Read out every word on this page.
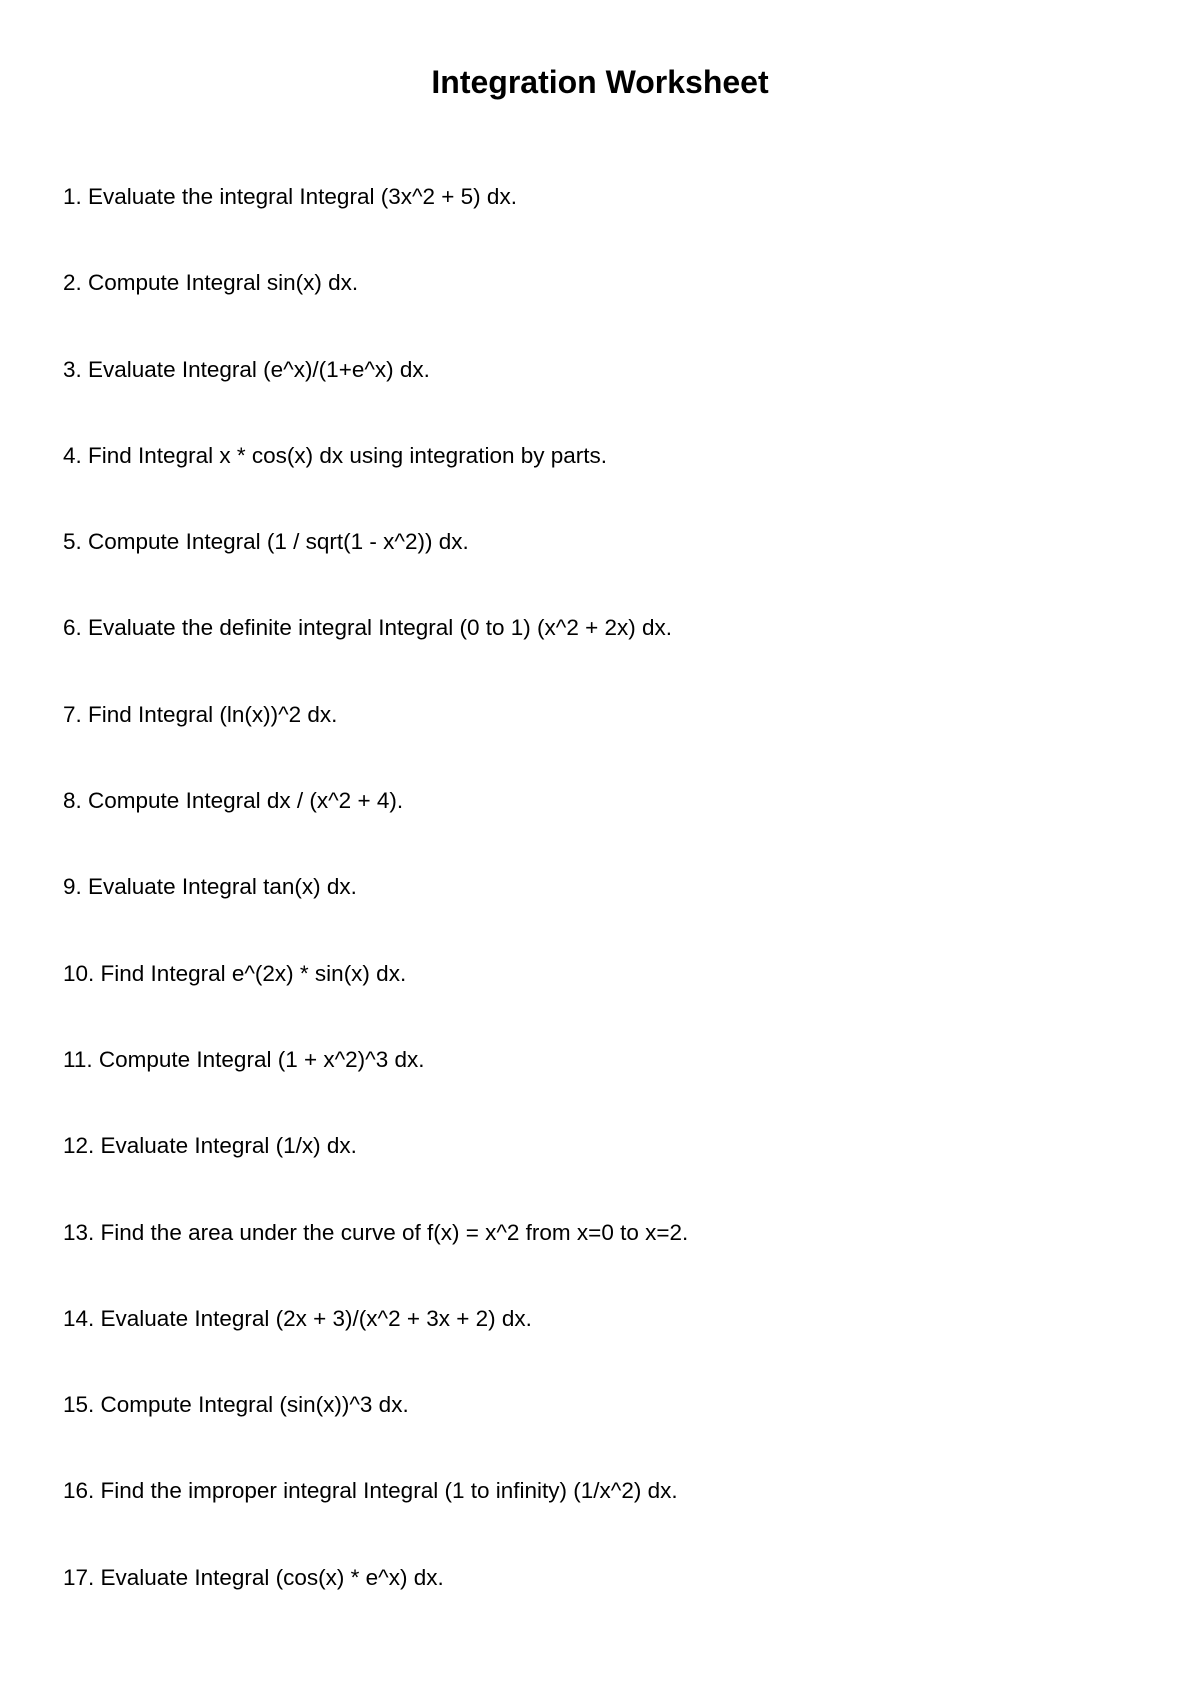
Integration Worksheet
1. Evaluate the integral Integral (3x^2 + 5) dx.
2. Compute Integral sin(x) dx.
3. Evaluate Integral (e^x)/(1+e^x) dx.
4. Find Integral x * cos(x) dx using integration by parts.
5. Compute Integral (1 / sqrt(1 - x^2)) dx.
6. Evaluate the definite integral Integral (0 to 1) (x^2 + 2x) dx.
7. Find Integral (ln(x))^2 dx.
8. Compute Integral dx / (x^2 + 4).
9. Evaluate Integral tan(x) dx.
10. Find Integral e^(2x) * sin(x) dx.
11. Compute Integral (1 + x^2)^3 dx.
12. Evaluate Integral (1/x) dx.
13. Find the area under the curve of f(x) = x^2 from x=0 to x=2.
14. Evaluate Integral (2x + 3)/(x^2 + 3x + 2) dx.
15. Compute Integral (sin(x))^3 dx.
16. Find the improper integral Integral (1 to infinity) (1/x^2) dx.
17. Evaluate Integral (cos(x) * e^x) dx.
